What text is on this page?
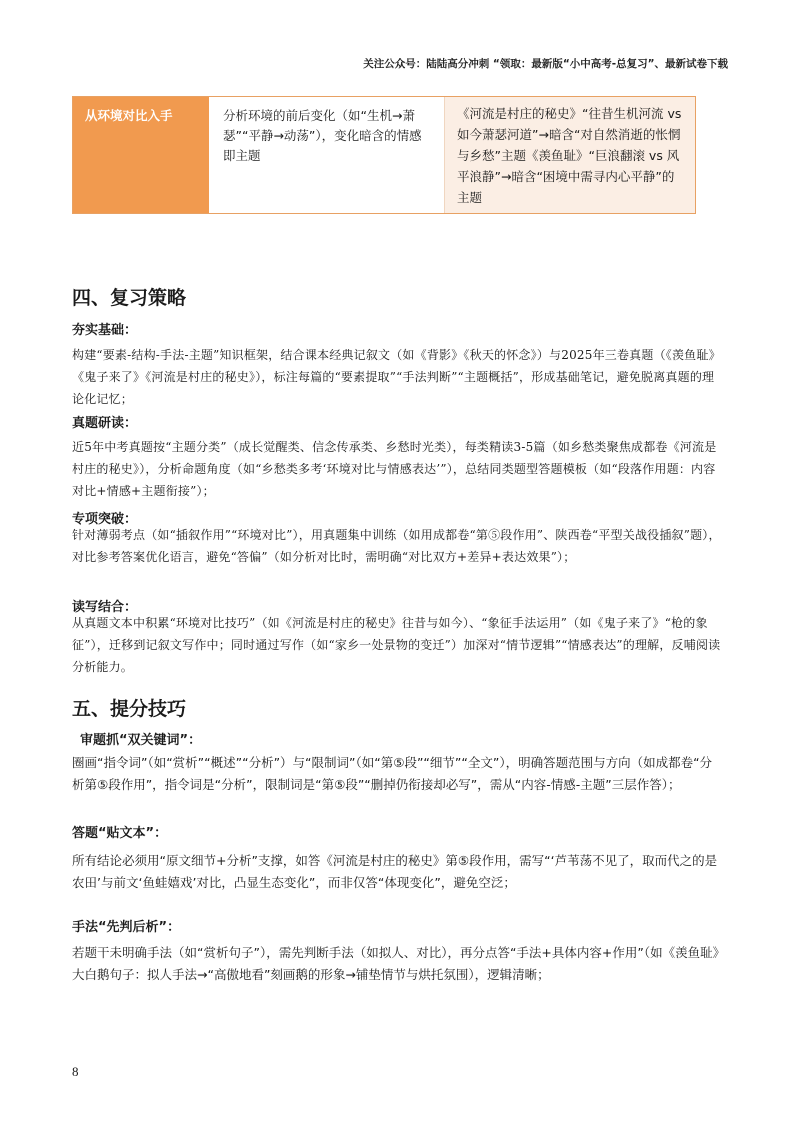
关注公众号：陆陆高分冲刺 “领取：最新版“小中高考-总复习”、最新试卷下载
从环境对比入手	分析环境的前后变化（如“生机→萧瑟”“平静→动荡”），变化暗含的情感即主题
《河流是村庄的秘史》“往昔生机河流 vs 如今萧瑟河道”→暗含“对自然消逝的怅惘与乡愁”主题《羡鱼耻》“巨浪翻滚 vs 风平浪静”→暗含“困境中需寻内心平静”的主题
四、复习策略

夯实基础：

构建“要素-结构-手法-主题”知识框架，结合课本经典记叙文（如《背影》《秋天的怀念》）与2025年三卷真题（《羡鱼耻》《鬼子来了》《河流是村庄的秘史》），标注每篇的“要素提取”“手法判断”“主题概括”，形成基础笔记，避免脱离真题的理论化记忆；

真题研读：

近5年中考真题按“主题分类”（成长觉醒类、信念传承类、乡愁时光类），每类精读3-5篇（如乡愁类聚焦成都卷《河流是村庄的秘史》），分析命题角度（如“乡愁类多考‘环境对比与情感表达’”），总结同类题型答题模板（如“段落作用题：内容对比+情感+主题衔接”）；

专项突破：

针对薄弱考点（如“插叙作用”“环境对比”），用真题集中训练（如用成都卷“第⑤段作用”、陕西卷“平型关战役插叙”题），对比参考答案优化语言，避免“答偏”（如分析对比时，需明确“对比双方+差异+表达效果”）；

读写结合：

从真题文本中积累“环境对比技巧”（如《河流是村庄的秘史》往昔与如今）、“象征手法运用”（如《鬼子来了》“枪的象征”），迁移到记叙文写作中；同时通过写作（如“家乡一处景物的变迁”）加深对“情节逻辑”“情感表达”的理解，反哺阅读分析能力。

五、提分技巧

审题抓“双关键词”：

圈画“指令词”（如“赏析”“概述”“分析”）与“限制词”（如“第⑤段”“细节”“全文”），明确答题范围与方向（如成都卷“分析第⑤段作用”，指令词是“分析”，限制词是“第⑤段”“删掉仍衔接却必写”，需从“内容-情感-主题”三层作答）；

答题“贴文本”：

所有结论必须用“原文细节+分析”支撑，如答《河流是村庄的秘史》第⑤段作用，需写“‘芦苇荡不见了，取而代之的是农田’与前文‘鱼蛙嬉戏’对比，凸显生态变化”，而非仅答“体现变化”，避免空泛；

手法“先判后析”：

若题干未明确手法（如“赏析句子”），需先判断手法（如拟人、对比），再分点答“手法+具体内容+作用”（如《羡鱼耻》大白鹅句子：拟人手法→“高傲地看”刻画鹅的形象→铺垫情节与烘托氛围），逻辑清晰；

8
